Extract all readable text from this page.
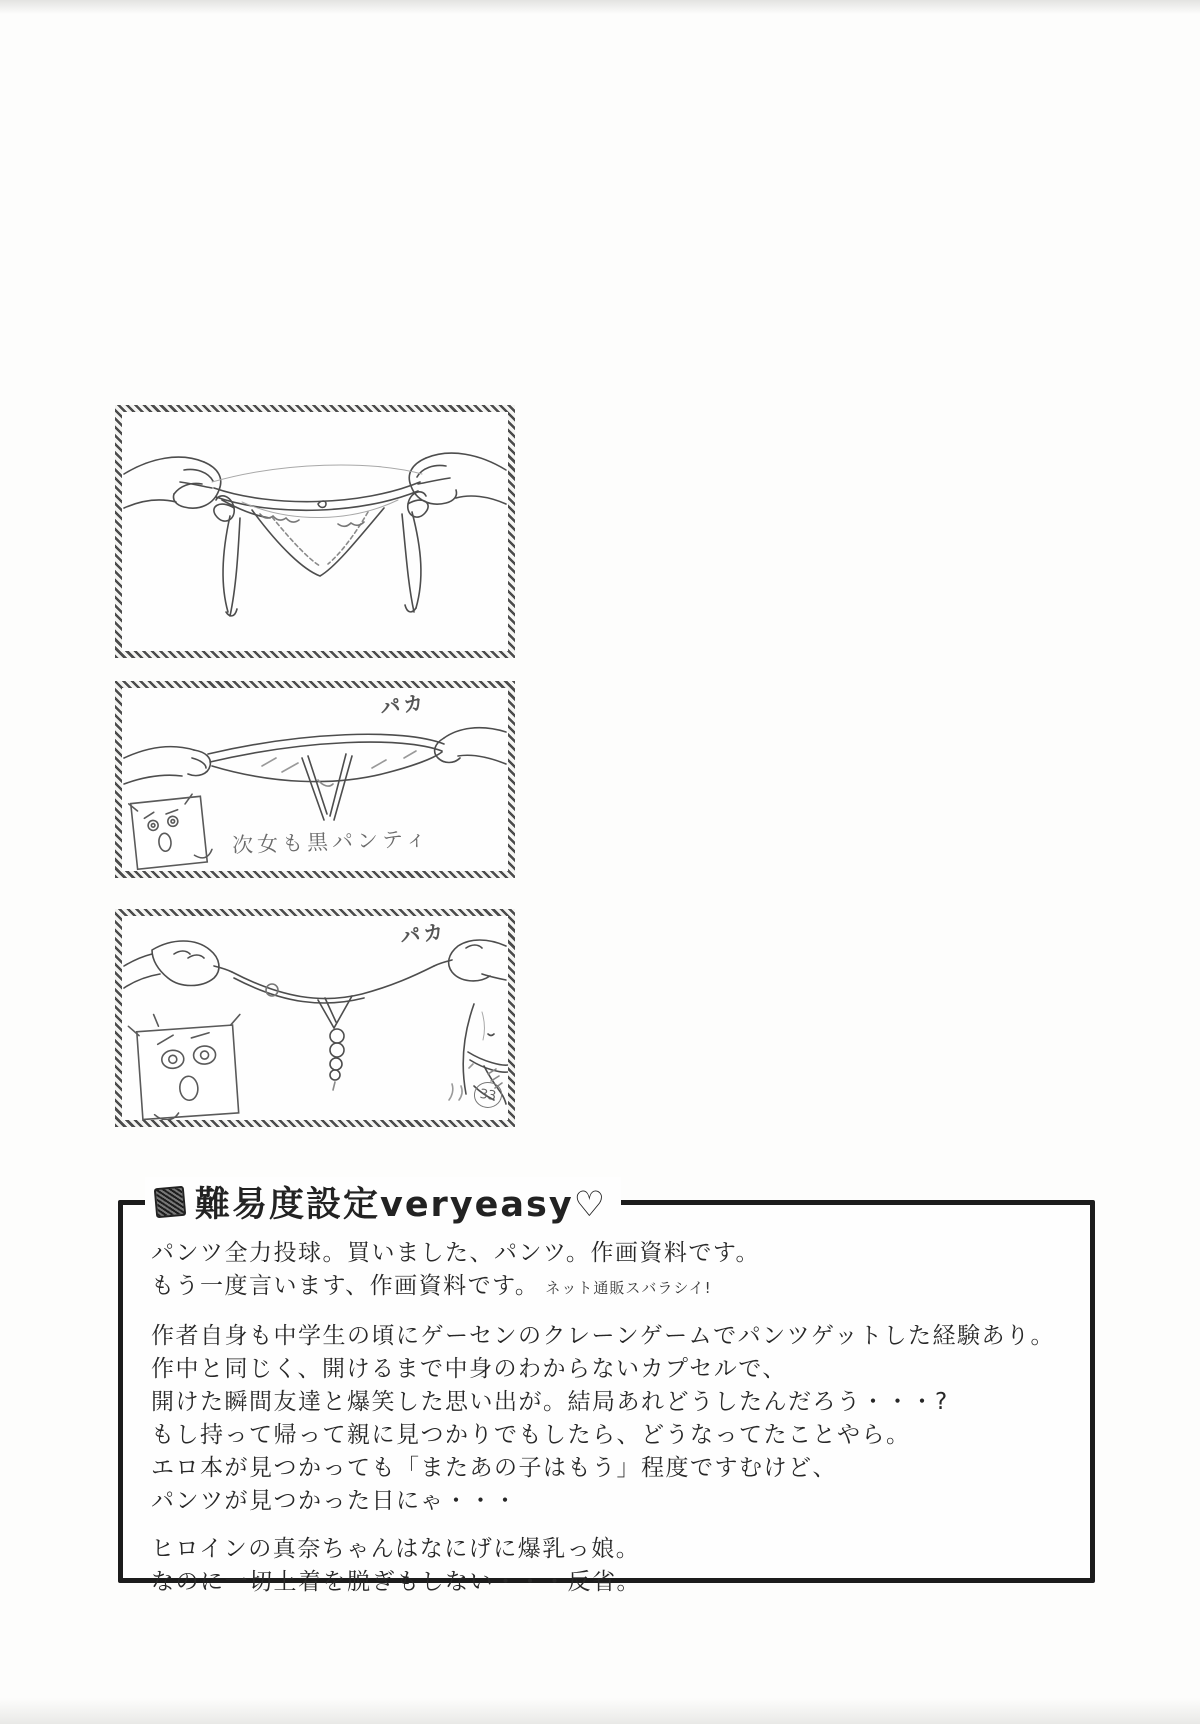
パカ
次女も黒パンティ
パカ
33
難易度設定veryeasy♡
パンツ全力投球。買いました、パンツ。作画資料です。
もう一度言います、作画資料です。 ネット通販スバラシイ!
作者自身も中学生の頃にゲーセンのクレーンゲームでパンツゲットした経験あり。
作中と同じく、開けるまで中身のわからないカプセルで、
開けた瞬間友達と爆笑した思い出が。結局あれどうしたんだろう・・・?
もし持って帰って親に見つかりでもしたら、どうなってたことやら。
エロ本が見つかっても「またあの子はもう」程度ですむけど、
パンツが見つかった日にゃ・・・
ヒロインの真奈ちゃんはなにげに爆乳っ娘。
なのに一切上着を脱ぎもしない・・・反省。
